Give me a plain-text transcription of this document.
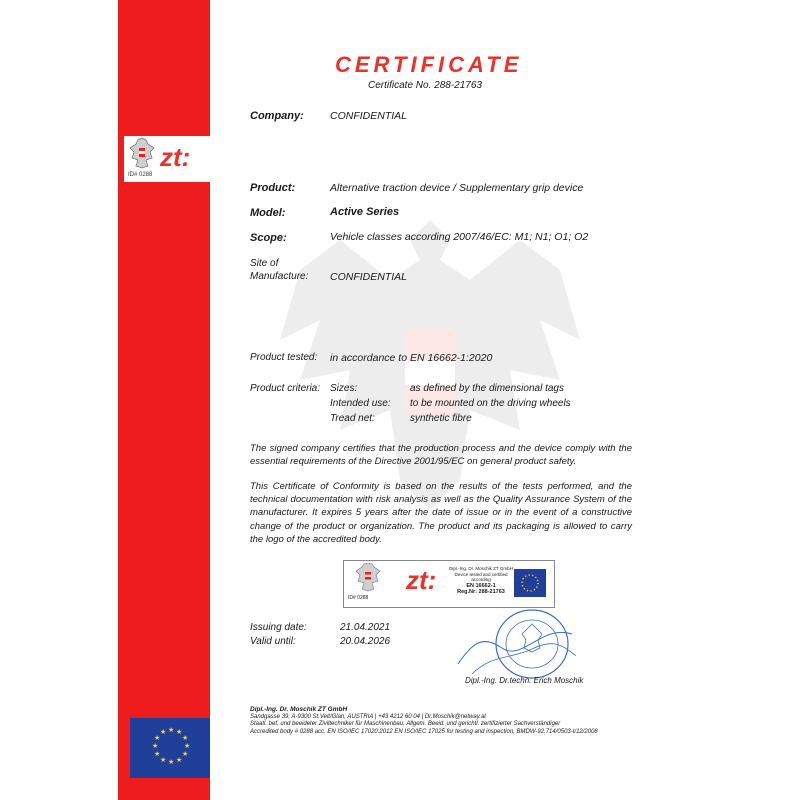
zt:
ID# 0288
★ ★
★
★
★
★
★
★
★
★
★
★
CERTIFICATE
Certificate No. 288-21763
Company: CONFIDENTIAL
Product:	Alternative traction device / Supplementary grip device
Model:	Active Series
Scope:	Vehicle classes according 2007/46/EC: M1; N1; O1; O2
Site of
Manufacture: CONFIDENTIAL
Product tested: in accordance to EN 16662-1:2020
Product criteria: Sizes:	as defined by the dimensional tags
Intended use: to be mounted on the driving wheels
Tread net:	synthetic fibre
The signed company certifies that the production process and the device comply with the essential requirements of the Directive 2001/95/EC on general product safety.
This Certificate of Conformity is based on the results of the tests performed, and the technical documentation with risk analysis as well as the Quality Assurance System of the manufacturer. It expires 5 years after the date of issue or in the event of a constructive change of the product or organization. The product and its packaging is allowed to carry the logo of the accredited body.
ID# 0288
zt:	Dipl.-Ing. Dr. Moschik ZT GmbH
Device tested and certified
according
EN 16662-1
Reg.Nr: 288-21763
Issuing date:	21.04.2021
Valid until:	20.04.2026
Dipl.-Ing. Dr.techn. Erich Moschik
Dipl.-Ing. Dr. Moschik ZT GmbH
Sandgasse 39, A-9300 St.Veit/Glan, AUSTRIA | +43 4212 60 04 | Dr.Moschik@netway.at
Staatl. bef. und beeideter Ziviltechniker für Maschinenbau, Allgem. Beeid. und gerichtl. zertifizierter Sachverständiger
Accredited body # 0288 acc. EN ISO/IEC 17020:2012 EN ISO/IEC 17025 for testing and inspection, BMDW-92.714/0503-I/12/2008
